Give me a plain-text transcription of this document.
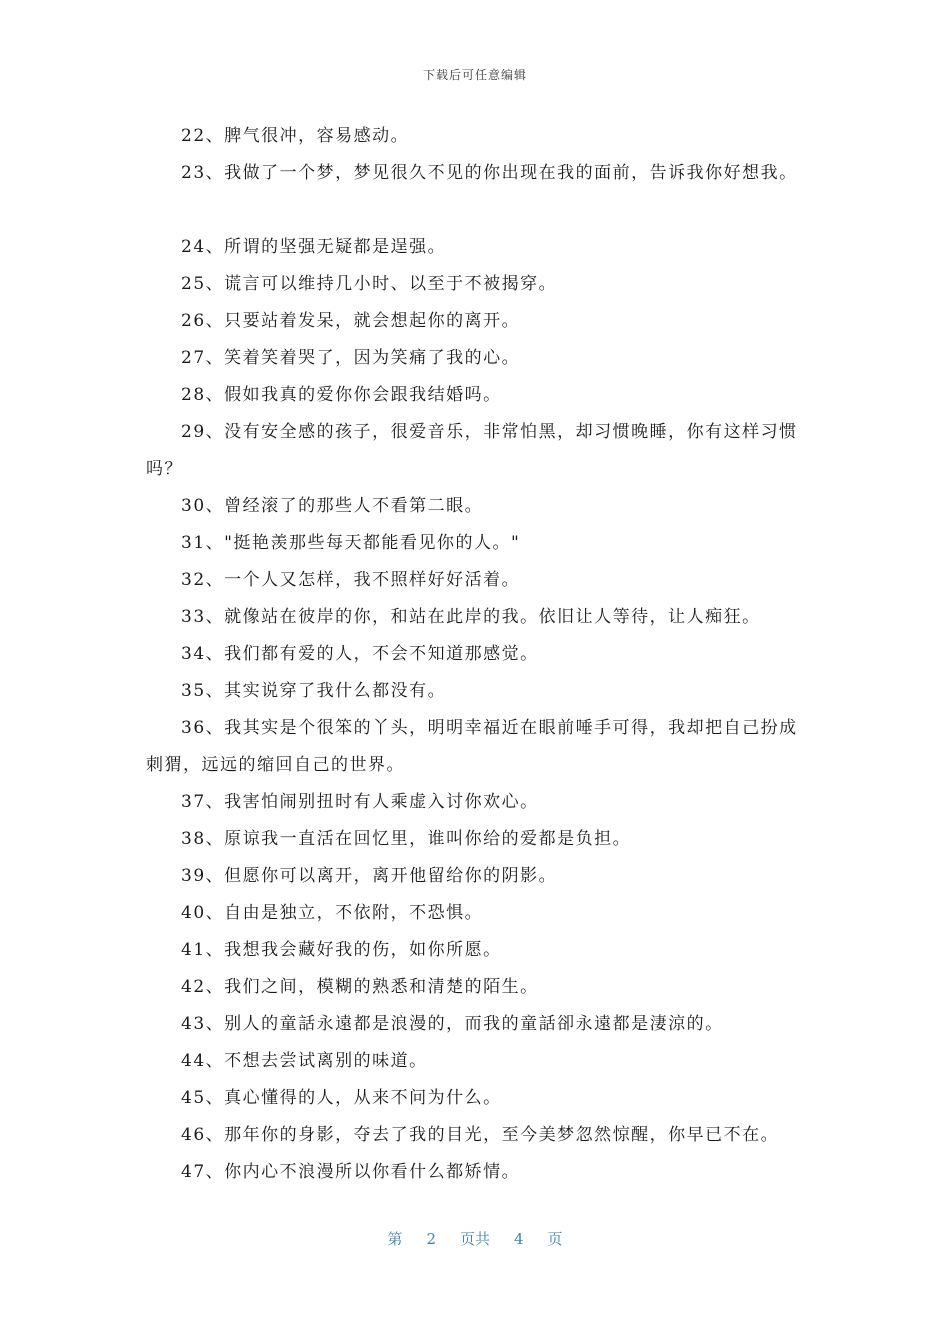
下载后可任意编辑
22、脾气很冲，容易感动。
23、我做了一个梦，梦见很久不见的你出现在我的面前，告诉我你好想我。
24、所谓的坚强无疑都是逞强。
25、谎言可以维持几小时、以至于不被揭穿。
26、只要站着发呆，就会想起你的离开。
27、笑着笑着哭了，因为笑痛了我的心。
28、假如我真的爱你你会跟我结婚吗。
29、没有安全感的孩子，很爱音乐，非常怕黑，却习惯晚睡，你有这样习惯吗？
30、曾经滚了的那些人不看第二眼。
31、"挺艳羡那些每天都能看见你的人。"
32、一个人又怎样，我不照样好好活着。
33、就像站在彼岸的你，和站在此岸的我。依旧让人等待，让人痴狂。
34、我们都有爱的人，不会不知道那感觉。
35、其实说穿了我什么都没有。
36、我其实是个很笨的丫头，明明幸福近在眼前唾手可得，我却把自己扮成刺猬，远远的缩回自己的世界。
37、我害怕闹别扭时有人乘虚入讨你欢心。
38、原谅我一直活在回忆里，谁叫你给的爱都是负担。
39、但愿你可以离开，离开他留给你的阴影。
40、自由是独立，不依附，不恐惧。
41、我想我会藏好我的伤，如你所愿。
42、我们之间，模糊的熟悉和清楚的陌生。
43、别人的童話永遠都是浪漫的，而我的童話卻永遠都是淒涼的。
44、不想去尝试离别的味道。
45、真心懂得的人，从来不问为什么。
46、那年你的身影，夺去了我的目光，至今美梦忽然惊醒，你早已不在。
47、你内心不浪漫所以你看什么都矫情。
第 2 页共 4 页
